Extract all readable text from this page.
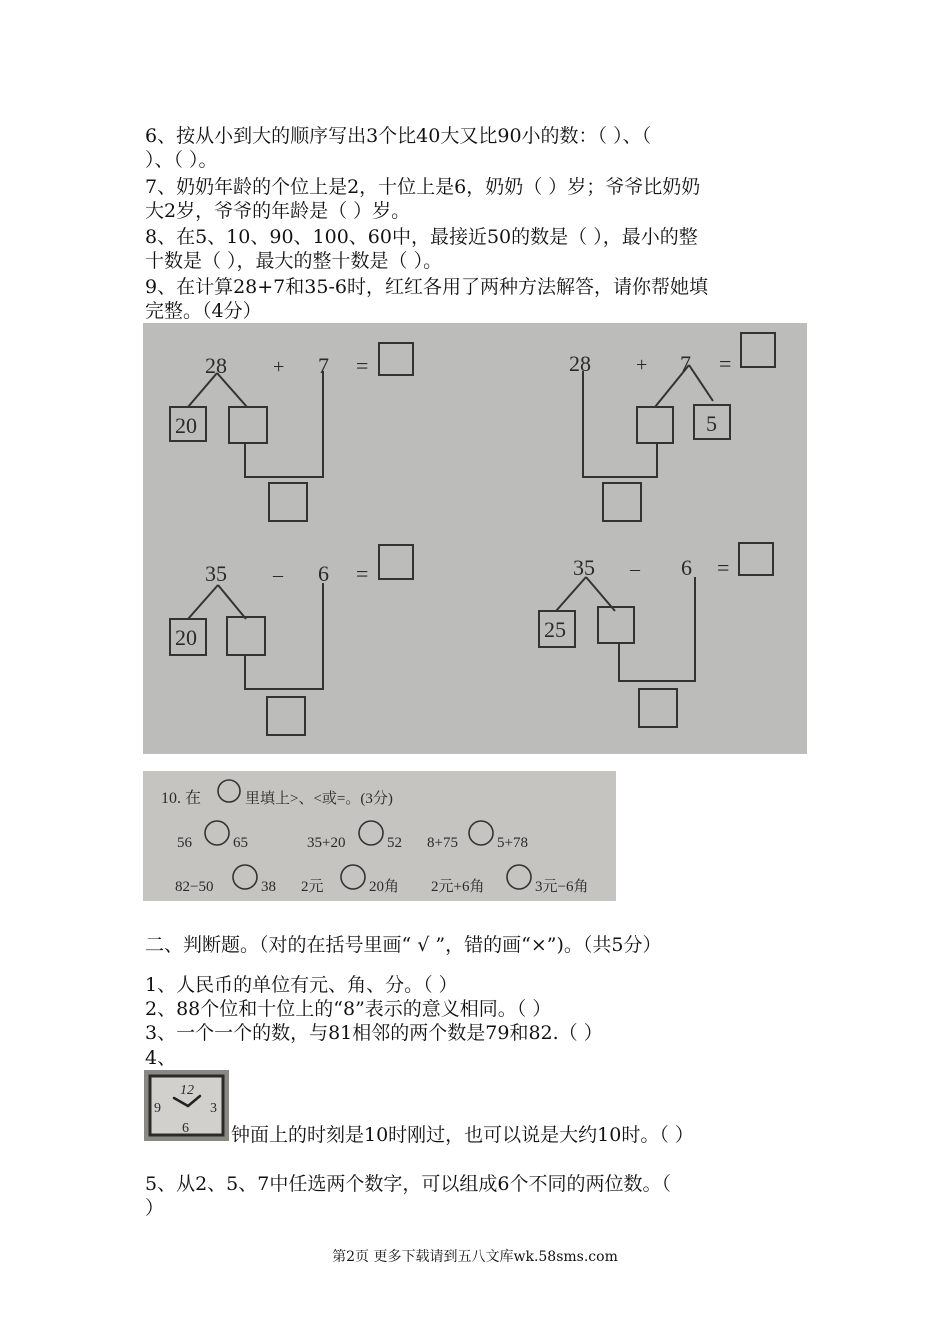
6、按从小到大的顺序写出3个比40大又比90小的数：（ ）、（
）、（ ）。
7、奶奶年龄的个位上是2，十位上是6，奶奶（ ）岁；爷爷比奶奶
大2岁，爷爷的年龄是（ ）岁。
8、在5、10、90、100、60中，最接近50的数是（ ），最小的整
十数是（ ），最大的整十数是（ ）。
9、在计算28+7和35-6时，红红各用了两种方法解答，请你帮她填
完整。（4分）
28 + 7 =
20
28 + 7 =
5
35 – 6 =
20
35 – 6 =
25
10. 在	里填上>、<或=。(3分)
56	65	35+20	52 8+75	5+78
82−50	38 2元	20角 2元+6角	3元−6角
二、判断题。（对的在括号里画“ √ ”，错的画“×”)。（共5分）
1、人民币的单位有元、角、分。（ ）
2、88个位和十位上的“8”表示的意义相同。（ ）
3、一个一个的数，与81相邻的两个数是79和82.（ ）
4、
12
3
6
9
钟面上的时刻是10时刚过，也可以说是大约10时。（ ）
5、从2、5、7中任选两个数字，可以组成6个不同的两位数。（
）
第2页 更多下载请到五八文库wk.58sms.com
